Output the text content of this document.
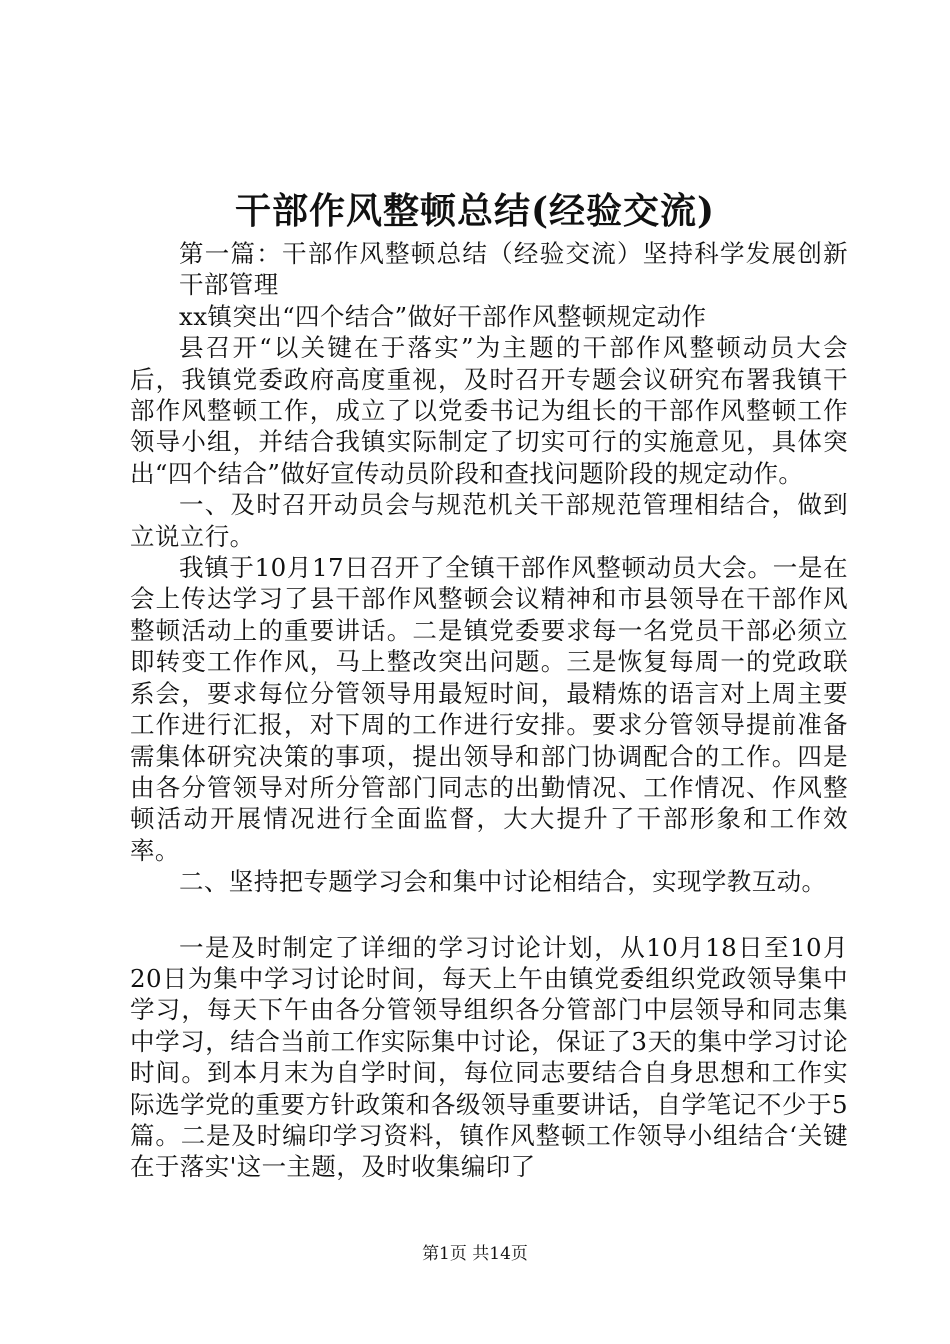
干部作风整顿总结(经验交流)

第一篇：干部作风整顿总结（经验交流）坚持科学发展创新干部管理

xx镇突出“四个结合”做好干部作风整顿规定动作

县召开“以关键在于落实”为主题的干部作风整顿动员大会后，我镇党委政府高度重视，及时召开专题会议研究布署我镇干部作风整顿工作，成立了以党委书记为组长的干部作风整顿工作领导小组，并结合我镇实际制定了切实可行的实施意见，具体突出“四个结合”做好宣传动员阶段和查找问题阶段的规定动作。

一、及时召开动员会与规范机关干部规范管理相结合，做到立说立行。

我镇于10月17日召开了全镇干部作风整顿动员大会。一是在会上传达学习了县干部作风整顿会议精神和市县领导在干部作风整顿活动上的重要讲话。二是镇党委要求每一名党员干部必须立即转变工作作风，马上整改突出问题。三是恢复每周一的党政联系会，要求每位分管领导用最短时间，最精炼的语言对上周主要工作进行汇报，对下周的工作进行安排。要求分管领导提前准备需集体研究决策的事项，提出领导和部门协调配合的工作。四是由各分管领导对所分管部门同志的出勤情况、工作情况、作风整顿活动开展情况进行全面监督，大大提升了干部形象和工作效率。

二、坚持把专题学习会和集中讨论相结合，实现学教互动。

一是及时制定了详细的学习讨论计划，从10月18日至10月20日为集中学习讨论时间，每天上午由镇党委组织党政领导集中学习，每天下午由各分管领导组织各分管部门中层领导和同志集中学习，结合当前工作实际集中讨论，保证了3天的集中学习讨论时间。到本月末为自学时间，每位同志要结合自身思想和工作实际选学党的重要方针政策和各级领导重要讲话，自学笔记不少于5篇。二是及时编印学习资料，镇作风整顿工作领导小组结合‘关键在于落实'这一主题，及时收集编印了

第1页 共14页
